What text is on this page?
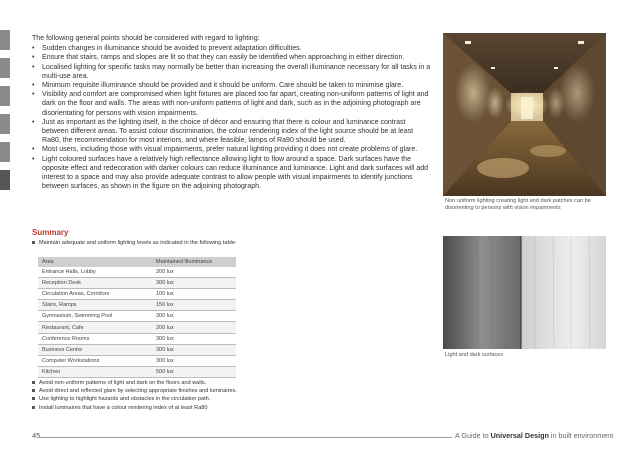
The following general points should be considered with regard to lighting:

• Sudden changes in illuminance should be avoided to prevent adaptation difficulties.
• Ensure that stairs, ramps and slopes are lit so that they can easily be identified when approaching in either direction.
• Localised lighting for specific tasks may normally be better than increasing the overall illuminance necessary for all tasks in a multi-use area.
• Minimum requisite illuminance should be provided and it should be uniform. Care should be taken to minimise glare.
• Visibility and comfort are compromised when light fixtures are placed too far apart, creating non-uniform patterns of light and dark on the floor and walls. The areas with non-uniform patterns of light and dark, such as in the adjoining photograph are disorientating for persons with vision impairments.
• Just as important as the lighting itself, is the choice of décor and ensuring that there is colour and luminance contrast between different areas. To assist colour discrimination, the colour rendering index of the light source should be at least Ra80, the recommendation for most interiors, and where feasible, lamps of Ra90 should be used.
• Most users, including those with visual impairments, prefer natural lighting providing it does not create problems of glare.
• Light coloured surfaces have a relatively high reflectance allowing light to flow around a space. Dark surfaces have the opposite effect and redecoration with darker colours can reduce illuminance and luminance. Light and dark surfaces will add interest to a space and may also provide adequate contrast to allow people with visual impairments to identify junctions between surfaces, as shown in the figure on the adjoining photograph.
Summary
Maintain adequate and uniform lighting levels as indicated in the following table:
Area	Maintained Illuminance
Entrance Halls, Lobby	200 lux
Reception Desk	300 lux
Circulation Areas, Corridors	100 lux
Stairs, Ramps	150 lux
Gymnasium, Swimming Pool	300 lux
Restaurant, Cafe	200 lux
Conference Rooms	300 lux
Business Centre	300 lux
Computer Workstations	300 lux
Kitchen	500 lux
Avoid non-uniform patterns of light and dark on the floors and walls.
Avoid direct and reflected glare by selecting appropriate finishes and luminaires.
Use lighting to highlight hazards and obstacles in the circulation path.
Install luminaires that have a colour rendering index of at least Ra80
Non uniform lighting creating light and dark patches can be disorienting to persons with vision impairments
Light and dark surfaces
45	A Guide to Universal Design in built environment
